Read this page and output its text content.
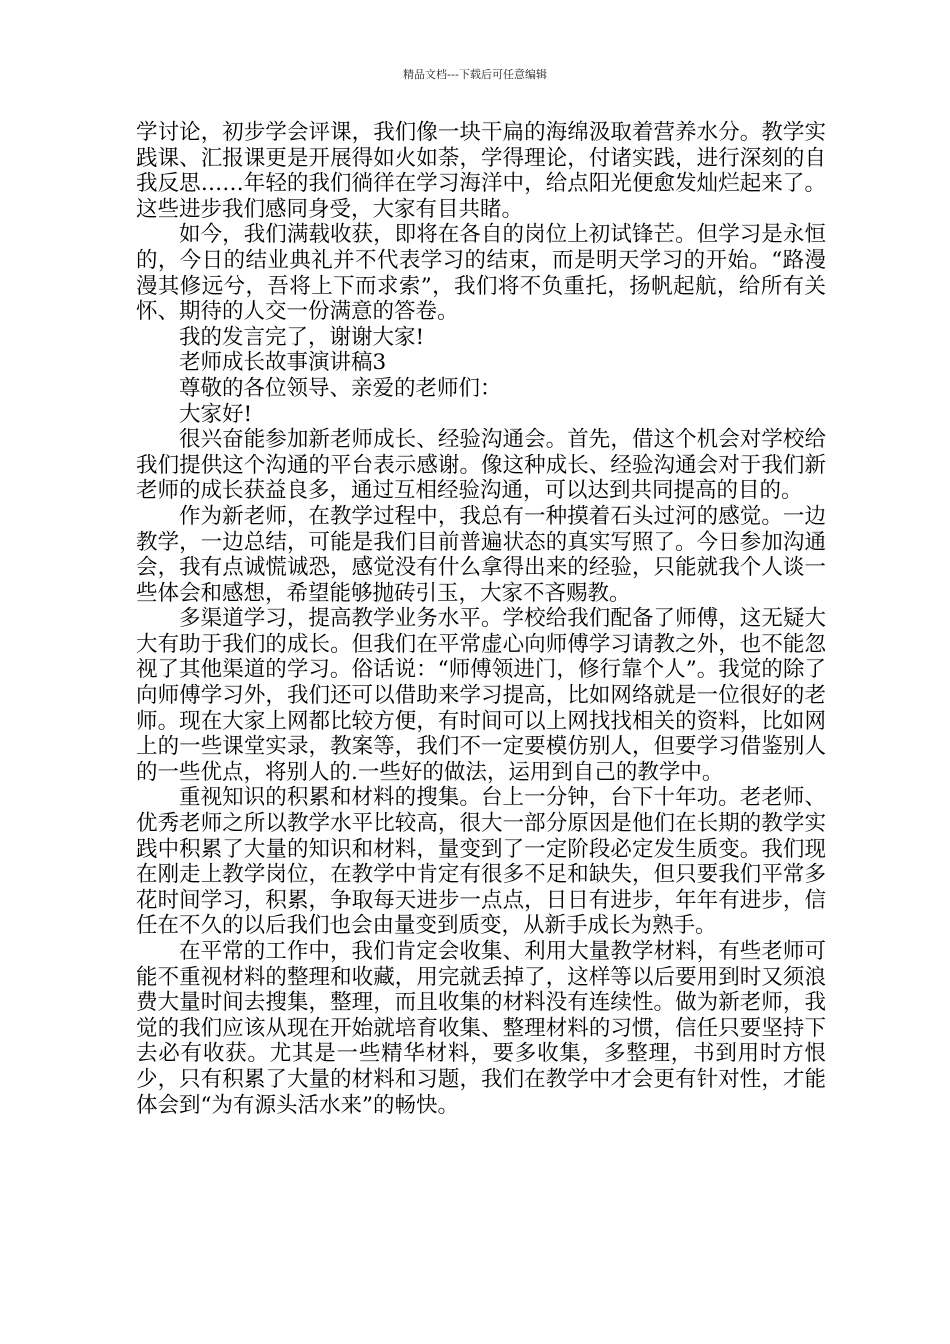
精品文档---下载后可任意编辑

学讨论，初步学会评课，我们像一块干扁的海绵汲取着营养水分。教学实践课、汇报课更是开展得如火如荼，学得理论，付诸实践，进行深刻的自我反思……年轻的我们徜徉在学习海洋中，给点阳光便愈发灿烂起来了。这些进步我们感同身受，大家有目共睹。

如今，我们满载收获，即将在各自的岗位上初试锋芒。但学习是永恒的，今日的结业典礼并不代表学习的结束，而是明天学习的开始。“路漫漫其修远兮，吾将上下而求索”，我们将不负重托，扬帆起航，给所有关怀、期待的人交一份满意的答卷。

我的发言完了，谢谢大家!

老师成长故事演讲稿3

尊敬的各位领导、亲爱的老师们：

大家好!

很兴奋能参加新老师成长、经验沟通会。首先，借这个机会对学校给我们提供这个沟通的平台表示感谢。像这种成长、经验沟通会对于我们新老师的成长获益良多，通过互相经验沟通，可以达到共同提高的目的。

作为新老师，在教学过程中，我总有一种摸着石头过河的感觉。一边教学，一边总结，可能是我们目前普遍状态的真实写照了。今日参加沟通会，我有点诚慌诚恐，感觉没有什么拿得出来的经验，只能就我个人谈一些体会和感想，希望能够抛砖引玉，大家不吝赐教。

多渠道学习，提高教学业务水平。学校给我们配备了师傅，这无疑大大有助于我们的成长。但我们在平常虚心向师傅学习请教之外，也不能忽视了其他渠道的学习。俗话说：“师傅领进门，修行靠个人”。我觉的除了向师傅学习外，我们还可以借助来学习提高，比如网络就是一位很好的老师。现在大家上网都比较方便，有时间可以上网找找相关的资料，比如网上的一些课堂实录，教案等，我们不一定要模仿别人，但要学习借鉴别人的一些优点，将别人的.一些好的做法，运用到自己的教学中。

重视知识的积累和材料的搜集。台上一分钟，台下十年功。老老师、优秀老师之所以教学水平比较高，很大一部分原因是他们在长期的教学实践中积累了大量的知识和材料，量变到了一定阶段必定发生质变。我们现在刚走上教学岗位，在教学中肯定有很多不足和缺失，但只要我们平常多花时间学习，积累，争取每天进步一点点，日日有进步，年年有进步，信任在不久的以后我们也会由量变到质变，从新手成长为熟手。

在平常的工作中，我们肯定会收集、利用大量教学材料，有些老师可能不重视材料的整理和收藏，用完就丢掉了，这样等以后要用到时又须浪费大量时间去搜集，整理，而且收集的材料没有连续性。做为新老师，我觉的我们应该从现在开始就培育收集、整理材料的习惯，信任只要坚持下去必有收获。尤其是一些精华材料，要多收集，多整理，书到用时方恨少，只有积累了大量的材料和习题，我们在教学中才会更有针对性，才能体会到“为有源头活水来”的畅快。
